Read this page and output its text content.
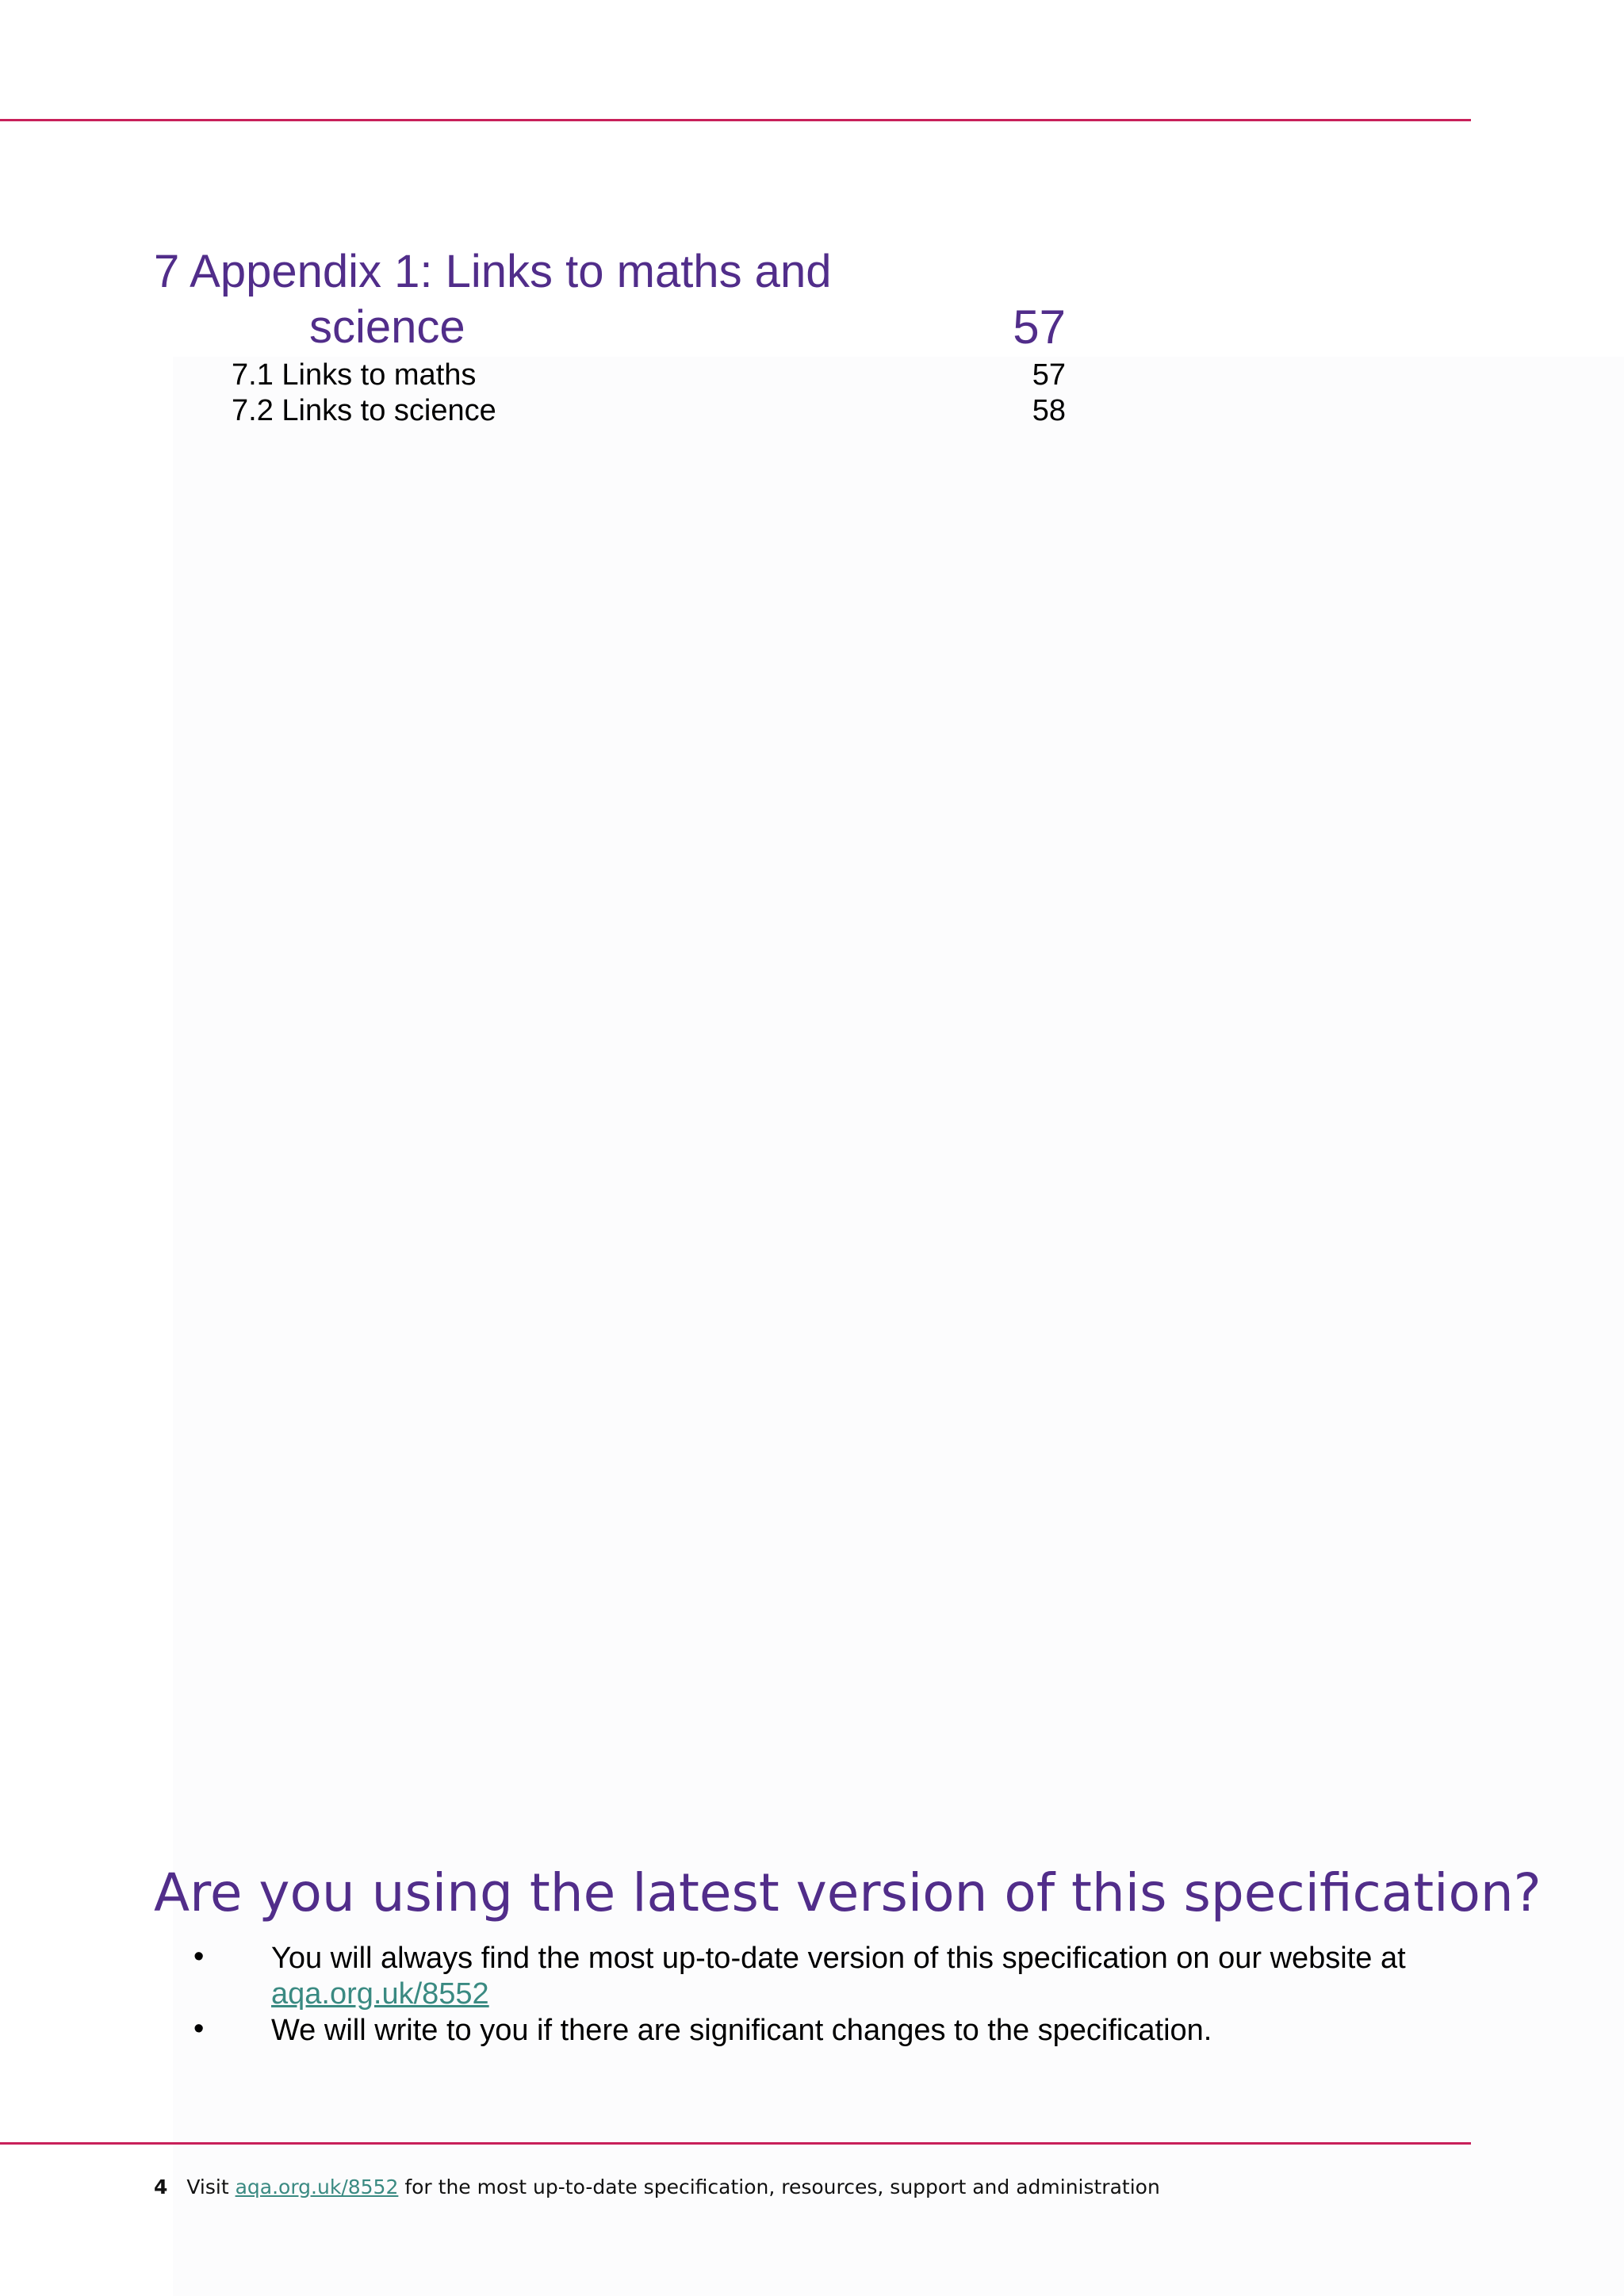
7 Appendix 1: Links to maths and
science	57
7.1 Links to maths	57
7.2 Links to science	58
Are you using the latest version of this specification?
• You will always find the most up-to-date version of this specification on our website at
aqa.org.uk/8552
• We will write to you if there are significant changes to the specification.
4 Visit aqa.org.uk/8552 for the most up-to-date specification, resources, support and administration
